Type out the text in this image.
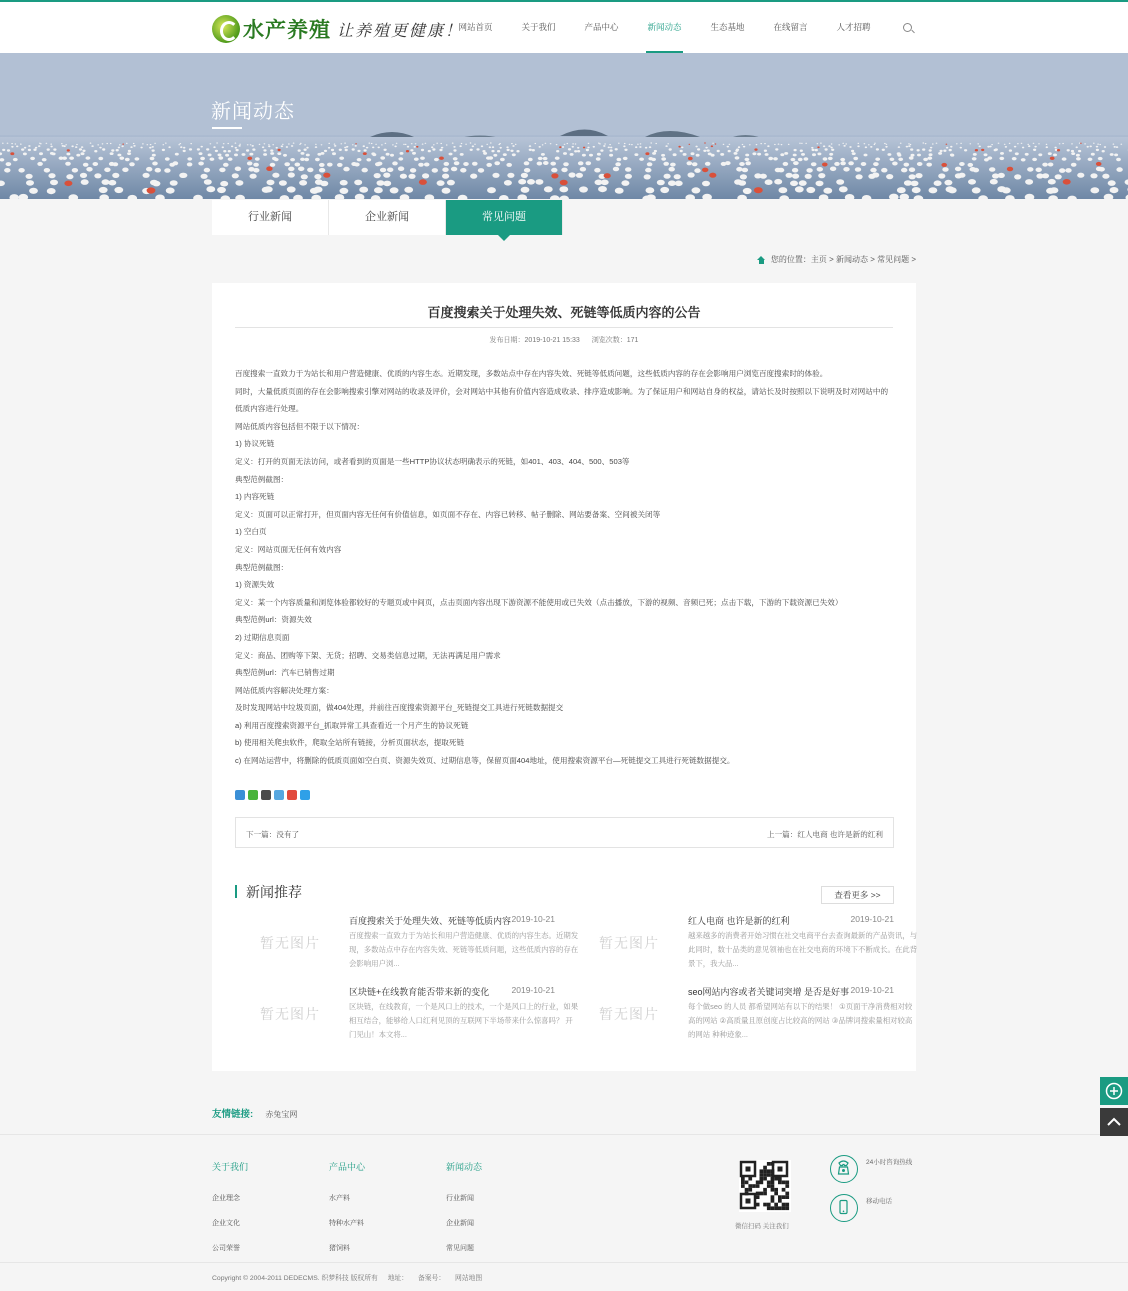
水产养殖 让养殖更健康！
网站首页	关于我们	产品中心	新闻动态	生态基地	在线留言	人才招聘
新闻动态
行业新闻	企业新闻	常见问题
您的位置： 主页 > 新闻动态 > 常见问题 >
百度搜索关于处理失效、死链等低质内容的公告
发布日期：2019-10-21 15:33 浏览次数：171
百度搜索一直致力于为站长和用户营造健康、优质的内容生态。近期发现，多数站点中存在内容失效、死链等低质问题，这些低质内容的存在会影响用户浏览百度搜索时的体验。
同时，大量低质页面的存在会影响搜索引擎对网站的收录及评价，会对网站中其他有价值内容造成收录、排序造成影响。为了保证用户和网站自身的权益，请站长及时按照以下说明及时对网站中的低质内容进行处理。
网站低质内容包括但不限于以下情况：
1) 协议死链
定义：打开的页面无法访问，或者看到的页面是一些HTTP协议状态明确表示的死链，如401、403、404、500、503等
典型范例截图：
1) 内容死链
定义：页面可以正常打开，但页面内容无任何有价值信息，如页面不存在、内容已转移、帖子删除、网站要备案、空间被关闭等
1) 空白页
定义：网站页面无任何有效内容
典型范例截图：
1) 资源失效
定义：某一个内容质量和浏览体验都较好的专题页或中间页，点击页面内容出现下游资源不能使用或已失效（点击播放，下游的视频、音频已死；点击下载，下游的下载资源已失效）
典型范例url：资源失效
2) 过期信息页面
定义：商品、团购等下架、无货；招聘、交易类信息过期，无法再满足用户需求
典型范例url：汽车已销售过期
网站低质内容解决处理方案：
及时发现网站中垃圾页面，做404处理，并前往百度搜索资源平台_死链提交工具进行死链数据提交
a) 利用百度搜索资源平台_抓取异常工具查看近一个月产生的协议死链
b) 使用相关爬虫软件，爬取全站所有链接，分析页面状态，提取死链
c) 在网站运营中，将删除的低质页面如空白页、资源失效页、过期信息等，保留页面404地址，使用搜索资源平台—死链提交工具进行死链数据提交。
下一篇：没有了	上一篇：红人电商 也许是新的红利
新闻推荐	查看更多 >>
暂无图片
百度搜索关于处理失效、死链等低质内容 2019-10-21
百度搜索一直致力于为站长和用户营造健康、优质的内容生态。近期发现，多数站点中存在内容失效、死链等低质问题，这些低质内容的存在会影响用户浏...
暂无图片
红人电商 也许是新的红利	2019-10-21
越来越多的消费者开始习惯在社交电商平台去查询最新的产品资讯，与此同时，数十品类的意见领袖也在社交电商的环境下不断成长。在此背景下，我大品...
暂无图片
区块链+在线教育能否带来新的变化	2019-10-21
区块链，在线教育，一个是风口上的技术，一个是风口上的行业，如果相互结合，能够给人口红利见顶的互联网下半场带来什么惊喜吗？ 开门见山！本文将...
暂无图片
seo网站内容或者关键词突增 是否是好事 2019-10-21
每个做seo 的人员 都希望网站有以下的结果！ ①页面干净消费相对较高的网站 ②高质量且原创度占比较高的网站 ③品牌词搜索量相对较高的网站 种种迹象...
友情链接: 赤兔宝网
关于我们
企业理念
企业文化
公司荣誉
产品中心
水产料
特种水产料
猪饲料
新闻动态
行业新闻
企业新闻
常见问题
微信扫码 关注我们
24小时咨询热线
移动电话
Copyright © 2004-2011 DEDECMS. 织梦科技 版权所有 地址： 备案号： 网站地图
